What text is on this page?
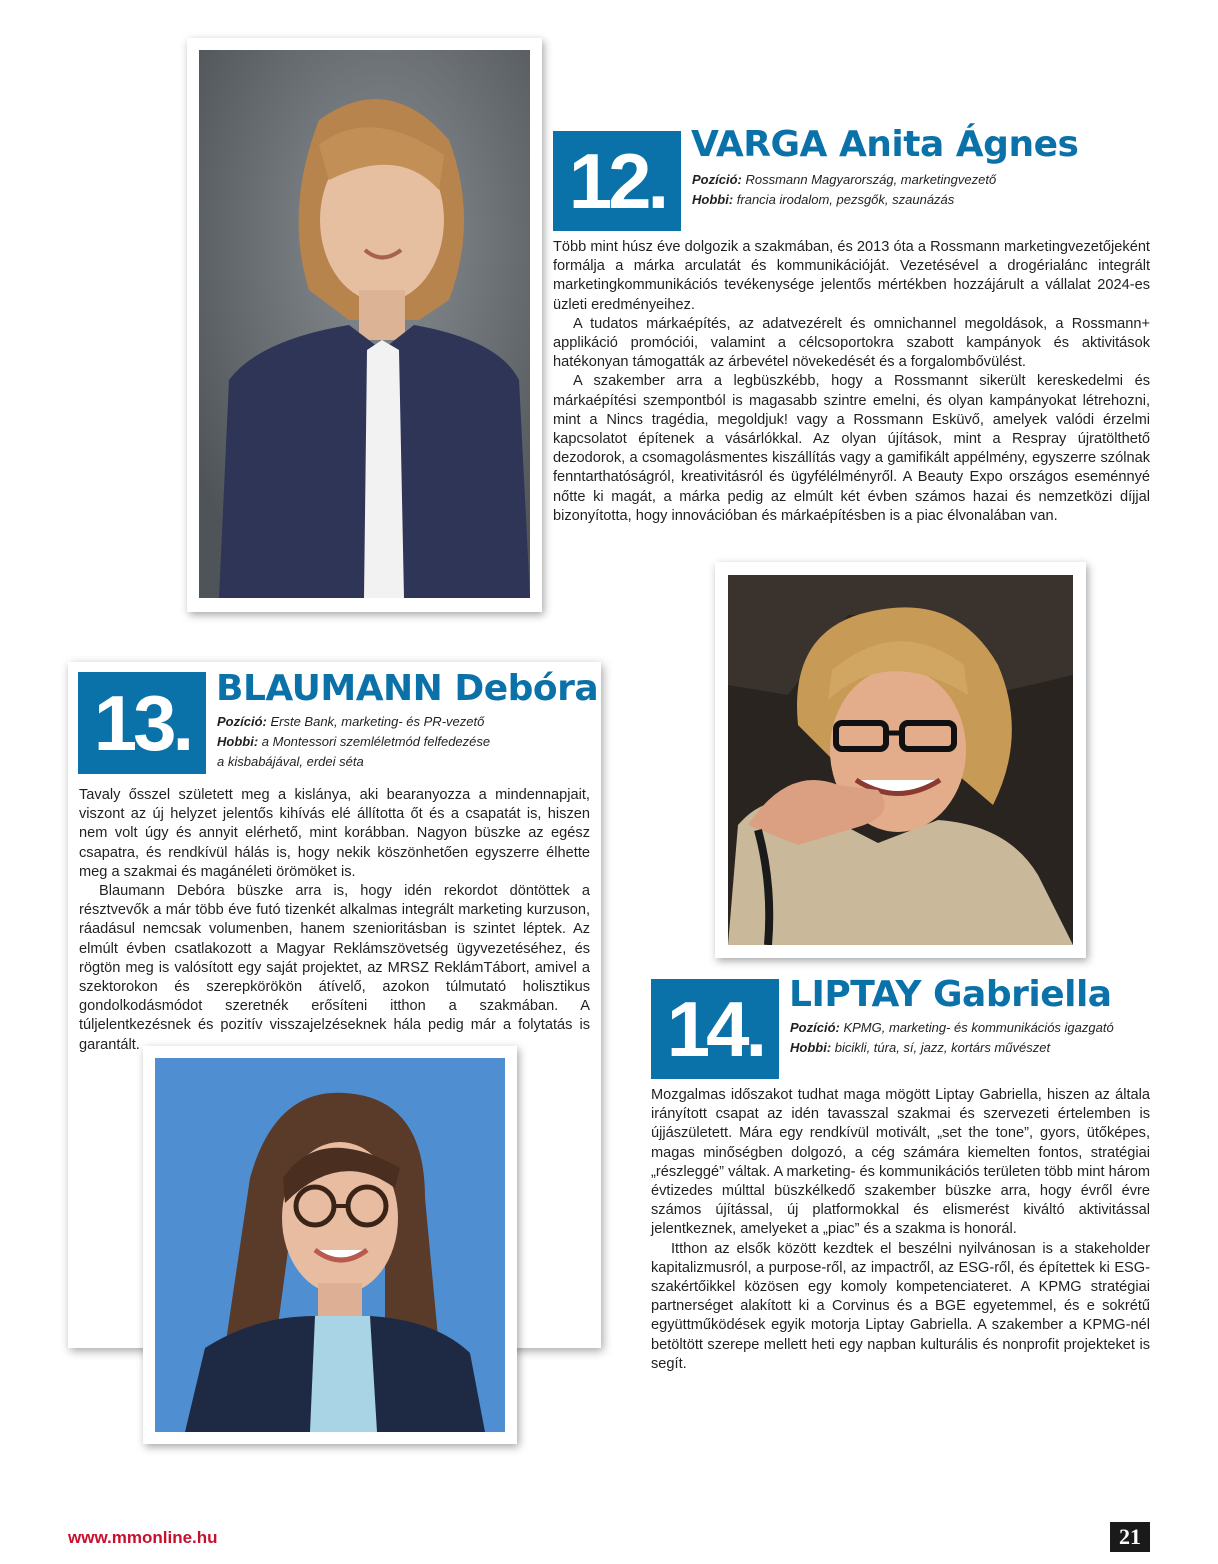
12. VARGA Anita Ágnes
Pozíció: Rossmann Magyarország, marketingvezető
Hobbi: francia irodalom, pezsgők, szaunázás

Több mint húsz éve dolgozik a szakmában, és 2013 óta a Rossmann marketingvezetőjeként formálja a márka arculatát és kommunikációját. Vezetésével a drogérialánc integrált marketingkommunikációs tevékenysége jelentős mértékben hozzájárult a vállalat 2024-es üzleti eredményeihez.

A tudatos márkaépítés, az adatvezérelt és omnichannel megoldások, a Rossmann+ applikáció promóciói, valamint a célcsoportokra szabott kampányok és aktivitások hatékonyan támogatták az árbevétel növekedését és a forgalombővülést.

A szakember arra a legbüszkébb, hogy a Rossmannt sikerült kereskedelmi és márkaépítési szempontból is magasabb szintre emelni, és olyan kampányokat létrehozni, mint a Nincs tragédia, megoldjuk! vagy a Rossmann Esküvő, amelyek valódi érzelmi kapcsolatot építenek a vásárlókkal. Az olyan újítások, mint a Respray újratölthető dezodorok, a csomagolásmentes kiszállítás vagy a gamifikált appélmény, egyszerre szólnak fenntarthatóságról, kreativitásról és ügyfélélményről. A Beauty Expo országos eseménnyé nőtte ki magát, a márka pedig az elmúlt két évben számos hazai és nemzetközi díjjal bizonyította, hogy innovációban és márkaépítésben is a piac élvonalában van.

13. BLAUMANN Debóra
Pozíció: Erste Bank, marketing- és PR-vezető
Hobbi: a Montessori szemléletmód felfedezése
a kisbabájával, erdei séta

Tavaly ősszel született meg a kislánya, aki bearanyozza a mindennapjait, viszont az új helyzet jelentős kihívás elé állította őt és a csapatát is, hiszen nem volt úgy és annyit elérhető, mint korábban. Nagyon büszke az egész csapatra, és rendkívül hálás is, hogy nekik köszönhetően egyszerre élhette meg a szakmai és magánéleti örömöket is.

Blaumann Debóra büszke arra is, hogy idén rekordot döntöttek a résztvevők a már több éve futó tizenkét alkalmas integrált marketing kurzuson, ráadásul nemcsak volumenben, hanem szenioritásban is szintet léptek. Az elmúlt évben csatlakozott a Magyar Reklámszövetség ügyvezetéséhez, és rögtön meg is valósított egy saját projektet, az MRSZ ReklámTábort, amivel a szektorokon és szerepkörökön átívelő, azokon túlmutató holisztikus gondolkodásmódot szeretnék erősíteni itthon a szakmában. A túljelentkezésnek és pozitív visszajelzéseknek hála pedig már a folytatás is garantált.	14. LIPTAY Gabriella
Pozíció: KPMG, marketing- és kommunikációs igazgató
Hobbi: bicikli, túra, sí, jazz, kortárs művészet

Mozgalmas időszakot tudhat maga mögött Liptay Gabriella, hiszen az általa irányított csapat az idén tavasszal szakmai és szervezeti értelemben is újjászületett. Mára egy rendkívül motivált, „set the tone”, gyors, ütőképes, magas minőségben dolgozó, a cég számára kiemelten fontos, stratégiai „részleggé” váltak. A marketing- és kommunikációs területen több mint három évtizedes múlttal büszkélkedő szakember büszke arra, hogy évről évre számos újítással, új platformokkal és elismerést kiváltó aktivitással jelentkeznek, amelyeket a „piac” és a szakma is honorál.

Itthon az elsők között kezdtek el beszélni nyilvánosan is a stakeholder kapitalizmusról, a purpose-ről, az impactről, az ESG-ről, és építettek ki ESG-szakértőikkel közösen egy komoly kompetenciateret. A KPMG stratégiai partnerséget alakított ki a Corvinus és a BGE egyetemmel, és e sokrétű együttműködések egyik motorja Liptay Gabriella. A szakember a KPMG-nél betöltött szerepe mellett heti egy napban kulturális és nonprofit projekteket is segít.

www.mmonline.hu	21
